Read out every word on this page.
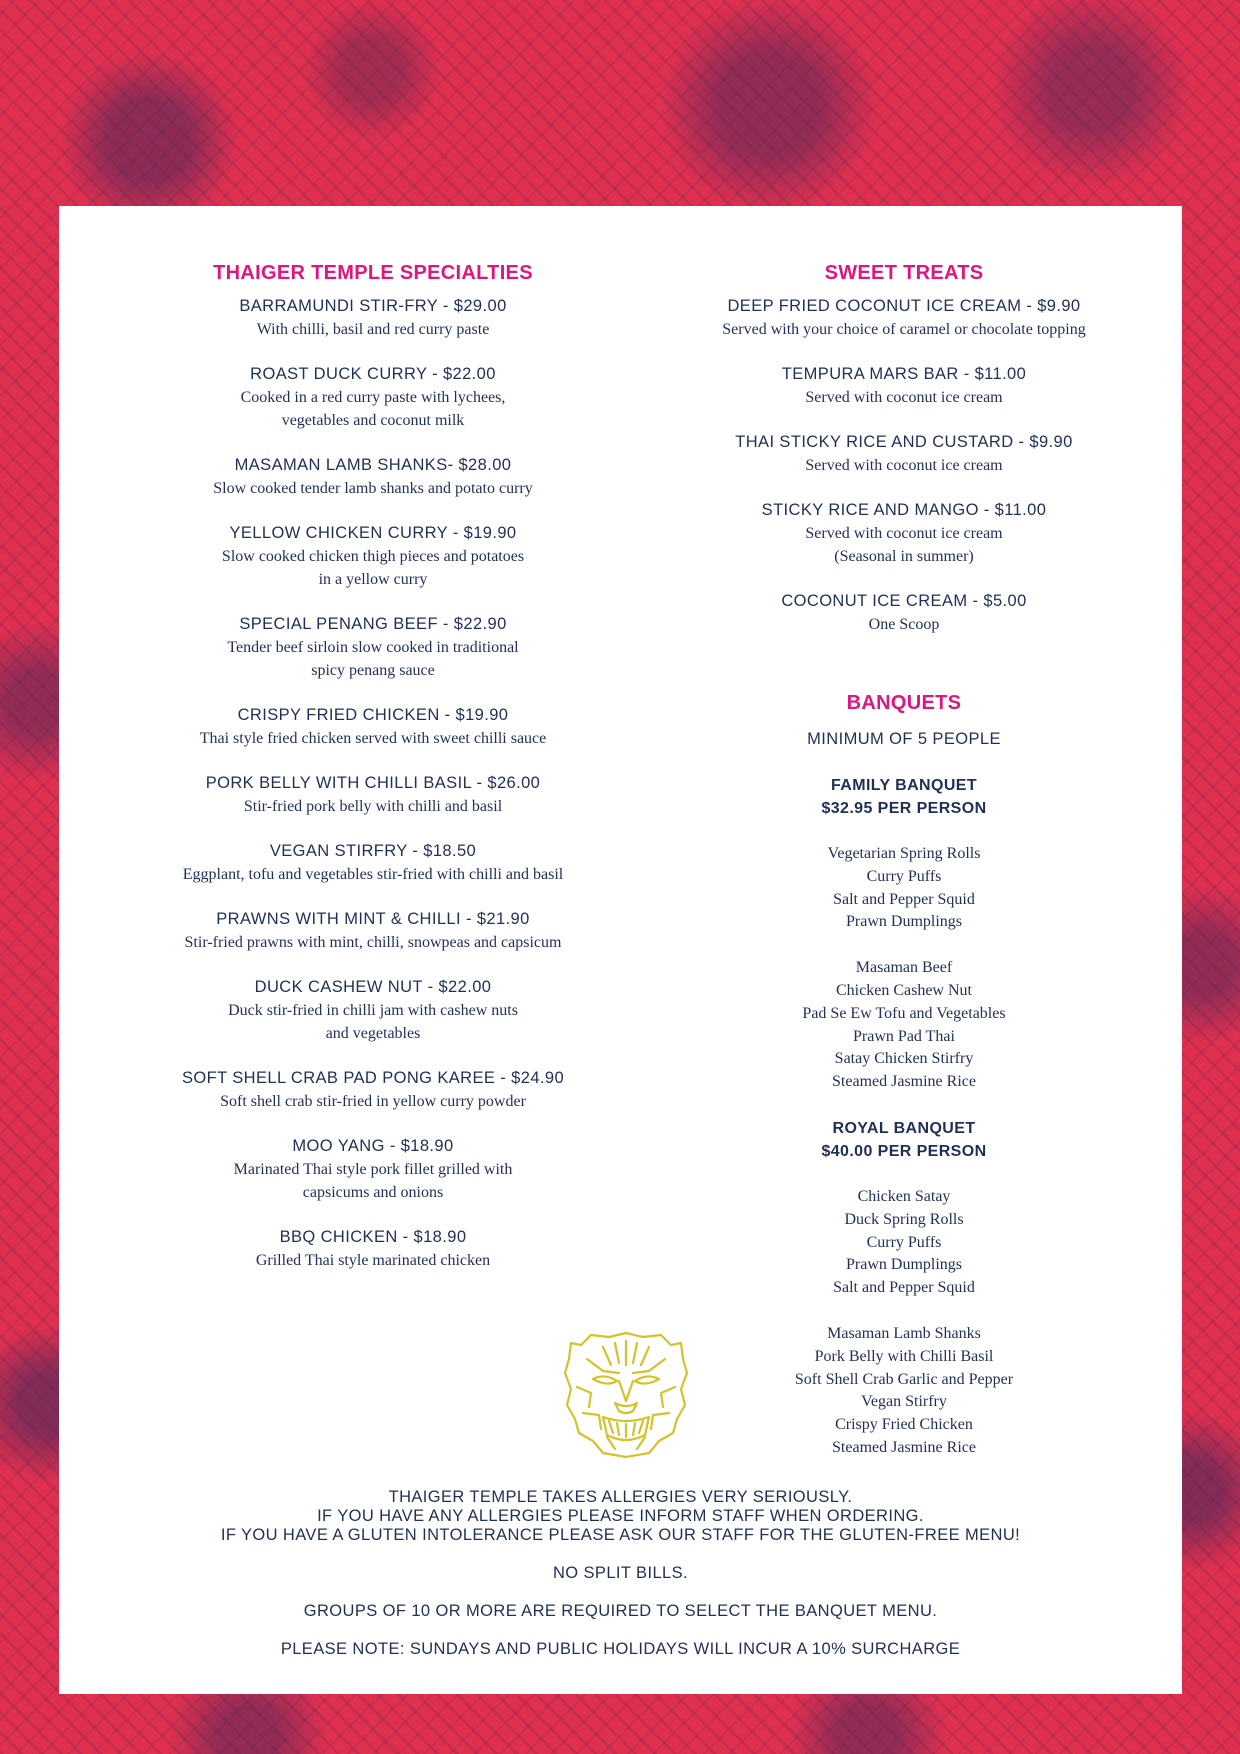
THAIGER TEMPLE SPECIALTIES
BARRAMUNDI STIR-FRY - $29.00
With chilli, basil and red curry paste
ROAST DUCK CURRY - $22.00
Cooked in a red curry paste with lychees,
vegetables and coconut milk
MASAMAN LAMB SHANKS- $28.00
Slow cooked tender lamb shanks and potato curry
YELLOW CHICKEN CURRY - $19.90
Slow cooked chicken thigh pieces and potatoes
in a yellow curry
SPECIAL PENANG BEEF - $22.90
Tender beef sirloin slow cooked in traditional
spicy penang sauce
CRISPY FRIED CHICKEN - $19.90
Thai style fried chicken served with sweet chilli sauce
PORK BELLY WITH CHILLI BASIL - $26.00
Stir-fried pork belly with chilli and basil
VEGAN STIRFRY - $18.50
Eggplant, tofu and vegetables stir-fried with chilli and basil
PRAWNS WITH MINT & CHILLI - $21.90
Stir-fried prawns with mint, chilli, snowpeas and capsicum
DUCK CASHEW NUT - $22.00
Duck stir-fried in chilli jam with cashew nuts
and vegetables
SOFT SHELL CRAB PAD PONG KAREE - $24.90
Soft shell crab stir-fried in yellow curry powder
MOO YANG - $18.90
Marinated Thai style pork fillet grilled with
capsicums and onions
BBQ CHICKEN - $18.90
Grilled Thai style marinated chicken
SWEET TREATS
DEEP FRIED COCONUT ICE CREAM - $9.90
Served with your choice of caramel or chocolate topping
TEMPURA MARS BAR - $11.00
Served with coconut ice cream
THAI STICKY RICE AND CUSTARD - $9.90
Served with coconut ice cream
STICKY RICE AND MANGO - $11.00
Served with coconut ice cream
(Seasonal in summer)
COCONUT ICE CREAM - $5.00
One Scoop
BANQUETS
MINIMUM OF 5 PEOPLE
FAMILY BANQUET
$32.95 PER PERSON
Vegetarian Spring Rolls
Curry Puffs
Salt and Pepper Squid
Prawn Dumplings
Masaman Beef
Chicken Cashew Nut
Pad Se Ew Tofu and Vegetables
Prawn Pad Thai
Satay Chicken Stirfry
Steamed Jasmine Rice
ROYAL BANQUET
$40.00 PER PERSON
Chicken Satay
Duck Spring Rolls
Curry Puffs
Prawn Dumplings
Salt and Pepper Squid
Masaman Lamb Shanks
Pork Belly with Chilli Basil
Soft Shell Crab Garlic and Pepper
Vegan Stirfry
Crispy Fried Chicken
Steamed Jasmine Rice
THAIGER TEMPLE TAKES ALLERGIES VERY SERIOUSLY.
IF YOU HAVE ANY ALLERGIES PLEASE INFORM STAFF WHEN ORDERING.
IF YOU HAVE A GLUTEN INTOLERANCE PLEASE ASK OUR STAFF FOR THE GLUTEN-FREE MENU!
NO SPLIT BILLS.
GROUPS OF 10 OR MORE ARE REQUIRED TO SELECT THE BANQUET MENU.
PLEASE NOTE: SUNDAYS AND PUBLIC HOLIDAYS WILL INCUR A 10% SURCHARGE
